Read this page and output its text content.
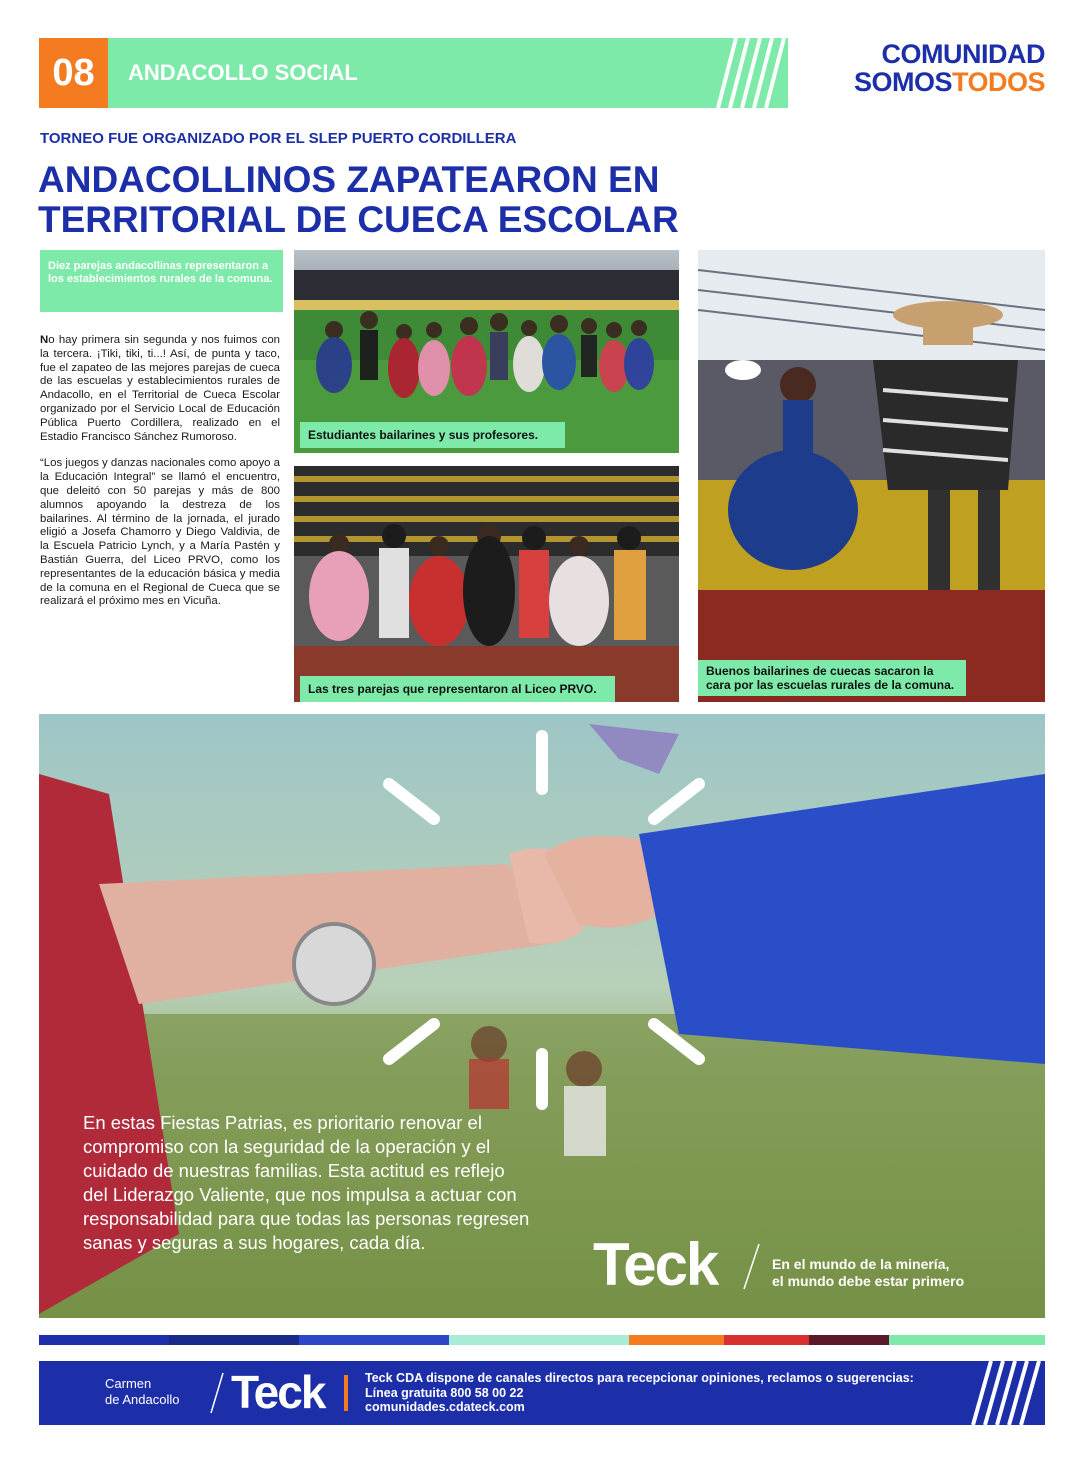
08	ANDACOLLO SOCIAL
COMUNIDAD
SOMOSTODOS
TORNEO FUE ORGANIZADO POR EL SLEP PUERTO CORDILLERA
ANDACOLLINOS ZAPATEARON EN
TERRITORIAL DE CUECA ESCOLAR
Diez parejas andacollinas representaron a los establecimientos rurales de la comuna.

No hay primera sin segunda y nos fuimos con la tercera. ¡Tiki, tiki, ti...! Así, de punta y taco, fue el zapateo de las mejores parejas de cueca de las escuelas y establecimientos rurales de Andacollo, en el Territorial de Cueca Escolar organizado por el Servicio Local de Educación Pública Puerto Cordillera, realizado en el Estadio Francisco Sánchez Rumoroso.

“Los juegos y danzas nacionales como apoyo a la Educación Integral” se llamó el encuentro, que deleitó con 50 parejas y más de 800 alumnos apoyando la destreza de los bailarines. Al término de la jornada, el jurado eligió a Josefa Chamorro y Diego Valdivia, de la Escuela Patricio Lynch, y a María Pastén y Bastián Guerra, del Liceo PRVO, como los representantes de la educación básica y media de la comuna en el Regional de Cueca que se realizará el próximo mes en Vicuña.

Estudiantes bailarines y sus profesores.
Las tres parejas que representaron al Liceo PRVO.
Buenos bailarines de cuecas sacaron la cara por las escuelas rurales de la comuna.
En estas Fiestas Patrias, es prioritario renovar el compromiso con la seguridad de la operación y el cuidado de nuestras familias. Esta actitud es reflejo del Liderazgo Valiente, que nos impulsa a actuar con responsabilidad para que todas las personas regresen sanas y seguras a sus hogares, cada día.	Teck	En el mundo de la minería,
el mundo debe estar primero
Carmen
de Andacollo Teck	Teck CDA dispone de canales directos para recepcionar opiniones, reclamos o sugerencias:
Línea gratuita 800 58 00 22
comunidades.cdateck.com
